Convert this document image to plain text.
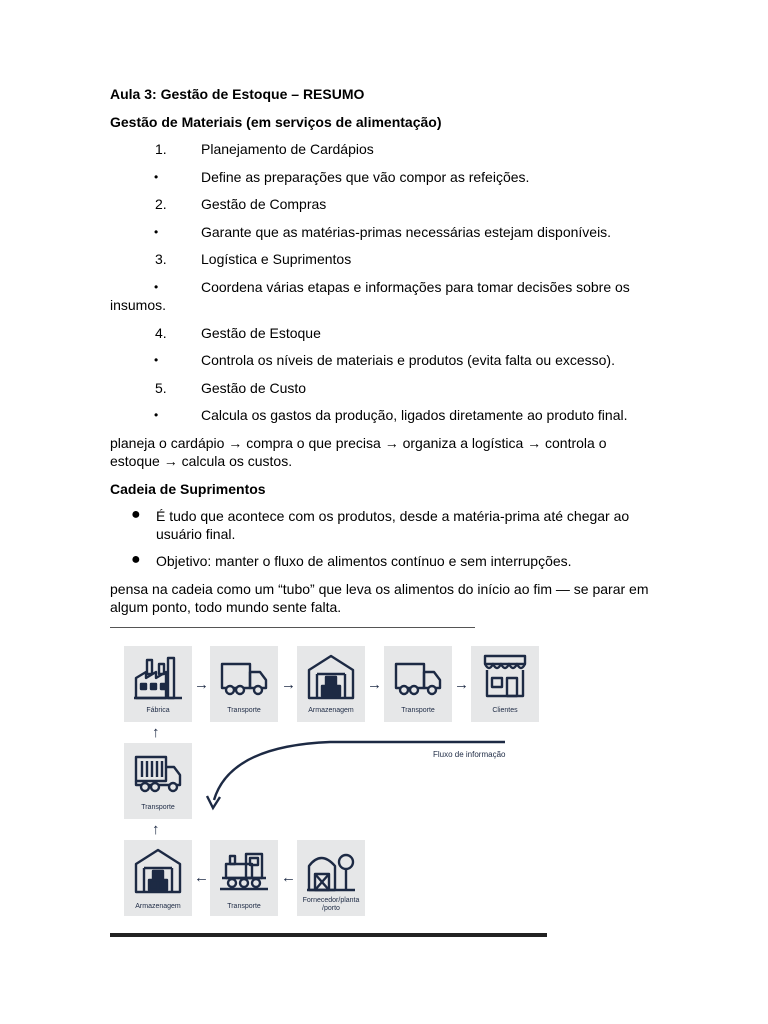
Aula 3: Gestão de Estoque – RESUMO
Gestão de Materiais (em serviços de alimentação)
1. Planejamento de Cardápios
•	Define as preparações que vão compor as refeições.
2. Gestão de Compras
•	Garante que as matérias-primas necessárias estejam disponíveis.
3. Logística e Suprimentos
•	Coordena várias etapas e informações para tomar decisões sobre os
insumos.
4. Gestão de Estoque
•	Controla os níveis de materiais e produtos (evita falta ou excesso).
5. Gestão de Custo
•	Calcula os gastos da produção, ligados diretamente ao produto final.
planeja o cardápio → compra o que precisa → organiza a logística → controla o
estoque → calcula os custos.
Cadeia de Suprimentos
● É tudo que acontece com os produtos, desde a matéria-prima até chegar ao
usuário final.
● Objetivo: manter o fluxo de alimentos contínuo e sem interrupções.
pensa na cadeia como um “tubo” que leva os alimentos do início ao fim — se parar em
algum ponto, todo mundo sente falta.
Fábrica
→
Transporte
→
Armazenagem
→
Transporte
→
Clientes
↑
Transporte
↑
Armazenagem
←
Transporte
←
Fornecedor/planta
/porto
Fluxo de informação
